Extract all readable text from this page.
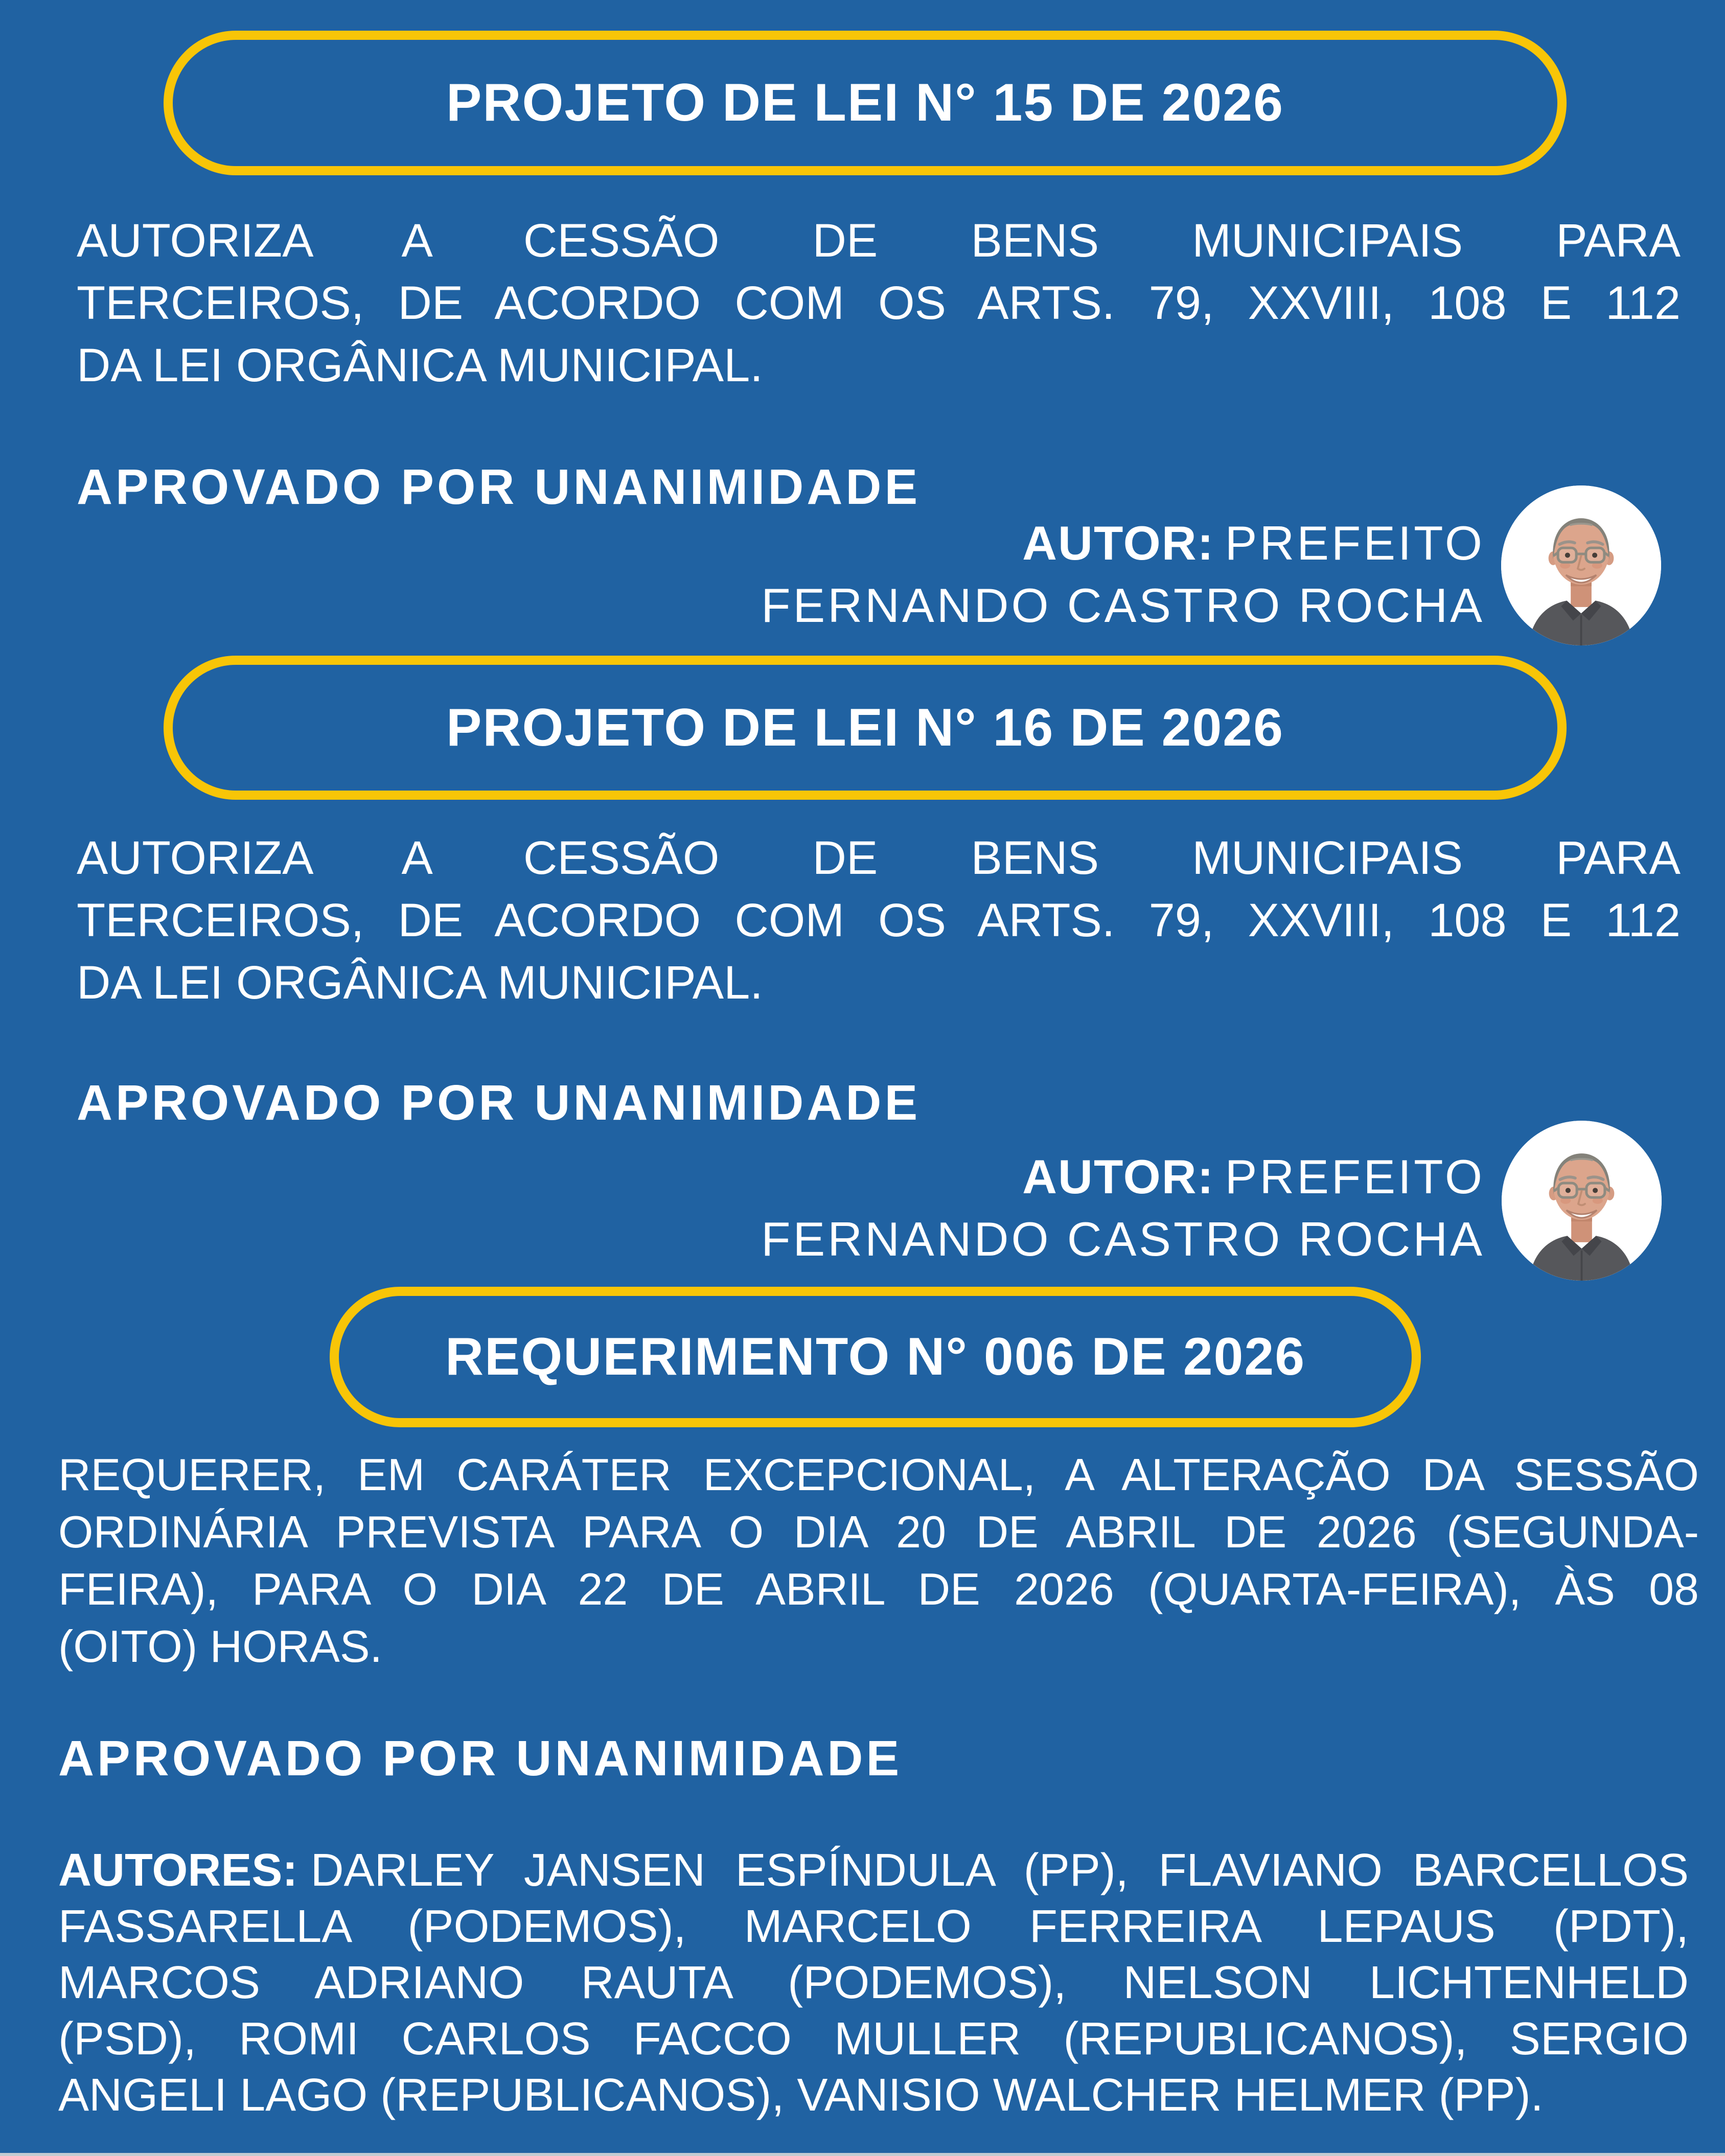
PROJETO DE LEI N° 15 DE 2026
AUTORIZA A CESSÃO DE BENS MUNICIPAIS PARA
TERCEIROS, DE ACORDO COM OS ARTS. 79, XXVIII, 108 E 112
DA LEI ORGÂNICA MUNICIPAL.
APROVADO POR UNANIMIDADE
AUTOR: PREFEITO
FERNANDO CASTRO ROCHA
PROJETO DE LEI N° 16 DE 2026
AUTORIZA A CESSÃO DE BENS MUNICIPAIS PARA
TERCEIROS, DE ACORDO COM OS ARTS. 79, XXVIII, 108 E 112
DA LEI ORGÂNICA MUNICIPAL.
APROVADO POR UNANIMIDADE
AUTOR: PREFEITO
FERNANDO CASTRO ROCHA
REQUERIMENTO N° 006 DE 2026
REQUERER, EM CARÁTER EXCEPCIONAL, A ALTERAÇÃO DA SESSÃO
ORDINÁRIA PREVISTA PARA O DIA 20 DE ABRIL DE 2026 (SEGUNDA-
FEIRA), PARA O DIA 22 DE ABRIL DE 2026 (QUARTA-FEIRA), ÀS 08
(OITO) HORAS.
APROVADO POR UNANIMIDADE
AUTORES: DARLEY JANSEN ESPÍNDULA (PP), FLAVIANO BARCELLOS
FASSARELLA (PODEMOS), MARCELO FERREIRA LEPAUS (PDT),
MARCOS ADRIANO RAUTA (PODEMOS), NELSON LICHTENHELD
(PSD), ROMI CARLOS FACCO MULLER (REPUBLICANOS), SERGIO
ANGELI LAGO (REPUBLICANOS), VANISIO WALCHER HELMER (PP).
